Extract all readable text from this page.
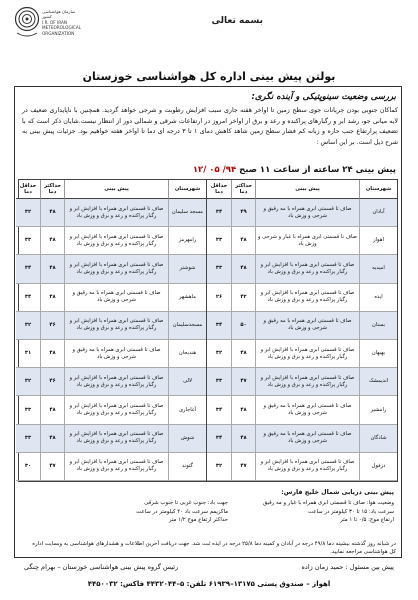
بسمه تعالی
سازمان هواشناسی کشور
I.R. OF IRAN
METEOROLOGICAL
ORGANIZATION
بولتن پیش بینی اداره کل هواشناسی خوزستان
بررسی وضعیت سینوپتیکی و آینده نگری:
کماکان جنوبی بودن جریانات جوی سطح زمین تا اواخر هفته جاری سبب افزایش رطوبت و شرجی خواهد گردید. همچنین با ناپایداری ضعیف در لایه میانی جو، رشد ابر و رگبارهای پراکنده و رعد و برق از اواخر امروز در ارتفاعات شرقی و شمالی دور از انتظار نیست.شایان ذکر است که با تضعیف پرارتفاع جنب حاره و زبانه کم فشار سطح زمین شاهد کاهش دمای ۱ تا ۳ درجه ای دما تا اواخر هفته خواهیم بود. جزئیات پیش بینی به شرح ذیل است. بر این اساس :
پیش بینی ۲۴ ساعته از ساعت ۱۱ صبح ۹۴/ ۰۵ /۱۲
شهرستان
پیش بینی
حداکثر دما
حداقل دما
آبادان
صاف تا قسمتی ابری همراه با مه رقیق و شرجی و وزش باد
۴۹
۳۴
اهواز
صاف تا قسمتی ابری همراه با غبار و شرجی و وزش باد
۴۸
۳۳
امیدیه
صاف تا قسمتی ابری همراه با افزایش ابر و رگبار پراکنده و رعد و برق و وزش باد
۴۸
۳۳
ایذه
صاف تا قسمتی ابری همراه با افزایش ابر و رگبار پراکنده و رعد و برق و وزش باد
۴۲
۲۶
بستان
صاف تا قسمتی ابری همراه با مه رقیق و شرجی و وزش باد
۵۰
۳۴
بهبهان
صاف تا قسمتی ابری همراه با افزایش ابر و رگبار پراکنده و رعد و برق و وزش باد
۴۸
۳۲
اندیمشک
صاف تا قسمتی ابری همراه با افزایش ابر و رگبار پراکنده و رعد و برق و وزش باد
۴۷
۳۳
رامشیر
صاف تا قسمتی ابری همراه با مه رقیق و شرجی و وزش باد
۴۸
۳۴
شادگان
صاف تا قسمتی ابری همراه با مه رقیق و شرجی و وزش باد
۴۸
۳۴
دزفول
صاف تا قسمتی ابری همراه با افزایش ابر و رگبار پراکنده و رعد و برق و وزش باد
۴۷
۳۲
شهرستان
پیش بینی
حداکثر دما
حداقل دما
مسجد سلیمان
صاف تا قسمتی ابری همراه با افزایش ابر و رگبار پراکنده و رعد و برق و وزش باد
۴۸
۳۲
رامهرمز
صاف تا قسمتی ابری همراه با افزایش ابر و رگبار پراکنده و رعد و برق و وزش باد
۴۸
۳۳
شوشتر
صاف تا قسمتی ابری همراه با افزایش ابر و رگبار پراکنده و رعد و برق و وزش باد
۴۸
۳۴
ماهشهر
صاف تا قسمتی ابری همراه با مه رقیق و شرجی و وزش باد
۴۸
۳۴
مسجدسلیمان
صاف تا قسمتی ابری همراه با افزایش ابر و رگبار پراکنده و رعد و برق و وزش باد
۴۶
۳۲
هندیجان
صاف تا قسمتی ابری همراه با مه رقیق و شرجی و وزش باد
۴۸
۳۱
لالی
صاف تا قسمتی ابری همراه با افزایش ابر و رگبار پراکنده و رعد و برق و وزش باد
۴۶
۳۲
آغاجاری
صاف تا قسمتی ابری همراه با افزایش ابر و رگبار پراکنده و رعد و برق و وزش باد
۴۸
۳۳
شوش
صاف تا قسمتی ابری همراه با افزایش ابر و رگبار پراکنده و رعد و برق و وزش باد
۴۸
۳۳
گتوند
صاف تا قسمتی ابری همراه با افزایش ابر و رگبار پراکنده و رعد و برق و وزش باد
۴۷
۳۰
پیش بینی دریایی شمال خلیج فارس:
وضعیت هوا: صاف تا قسمتی ابری همراه با غبار و مه رقیق
سرعت باد: ۱۵ تا ۳۰ کیلومتر در ساعت
ارتفاع موج: ۰/۵ تا ۱ متر
جهت باد: جنوب غربی تا جنوب شرقی
ماکزیمم سرعت باد ۴۰ کیلومتر در ساعت
حداکثر ارتفاع موج ۱/۲ متر
در شبانه روز گذشته بیشینه دما ۴۹/۸ درجه در آبادان و کمینه دما ۲۵/۸ درجه در ایذه ثبت شد. جهت دریافت آخرین اطلاعات و هشدارهای هواشناسی به وبسایت اداره کل هواشناسی مراجعه نمایید.
پیش بین مسئول : حمید زمان زاده
رئیس گروه پیش بینی هواشناسی خوزستان – بهرام چنگی
اهواز – صندوق پستی ۱۳۱۷۵–۶۱۹۳۹ تلفن: ۵–۴۴۳۲۰۴۴ فاکس: ۴۴۵۰۰۳۲
